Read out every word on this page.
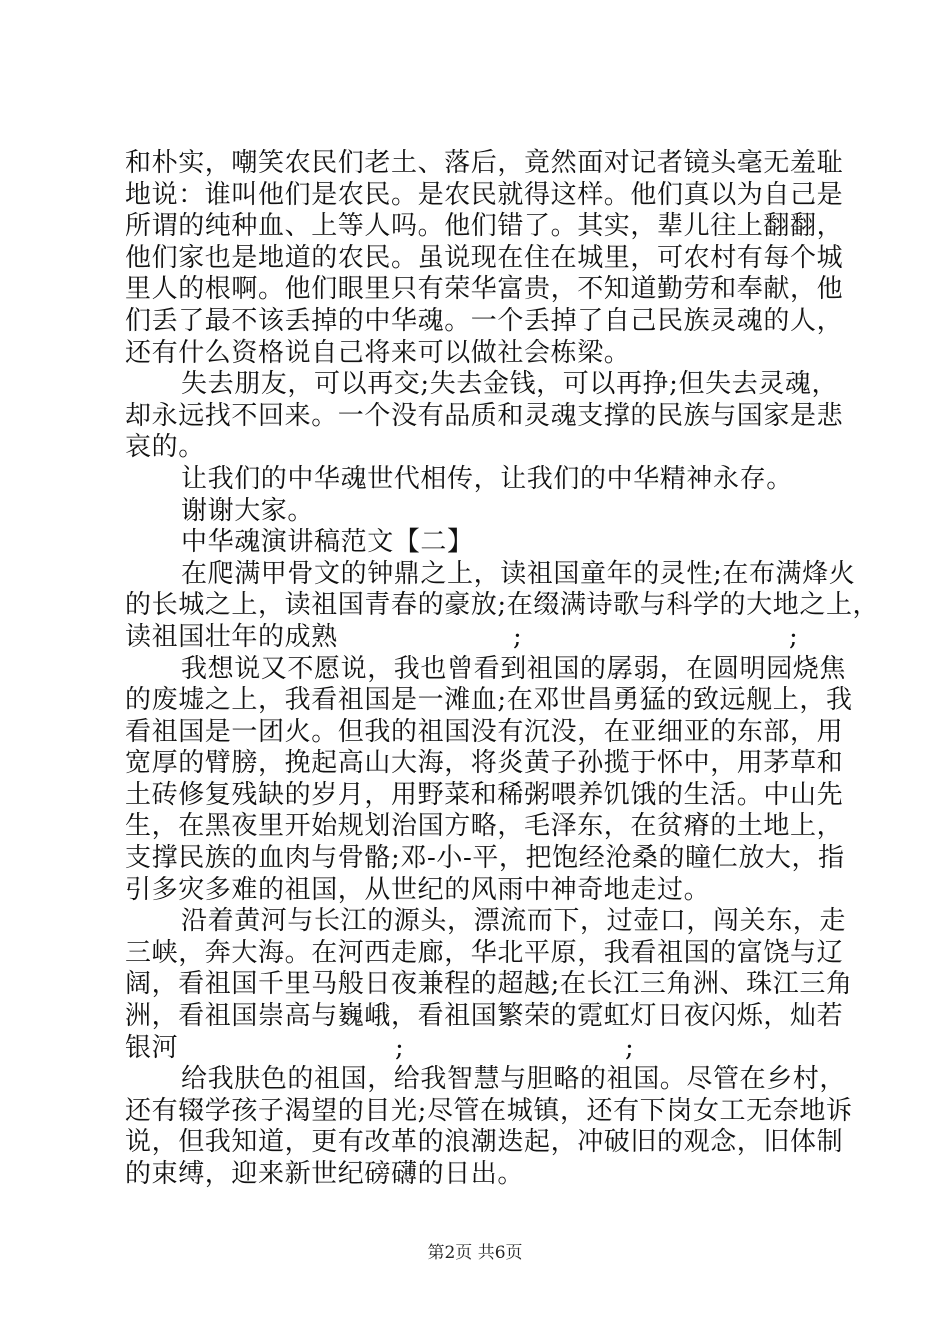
和朴实，嘲笑农民们老土、落后，竟然面对记者镜头毫无羞耻
地说：谁叫他们是农民。是农民就得这样。他们真以为自己是
所谓的纯种血、上等人吗。他们错了。其实，辈儿往上翻翻，
他们家也是地道的农民。虽说现在住在城里，可农村有每个城
里人的根啊。他们眼里只有荣华富贵，不知道勤劳和奉献，他
们丢了最不该丢掉的中华魂。一个丢掉了自己民族灵魂的人，
还有什么资格说自己将来可以做社会栋梁。
失去朋友，可以再交;失去金钱，可以再挣;但失去灵魂，
却永远找不回来。一个没有品质和灵魂支撑的民族与国家是悲
哀的。
让我们的中华魂世代相传，让我们的中华精神永存。
谢谢大家。
中华魂演讲稿范文【二】
在爬满甲骨文的钟鼎之上，读祖国童年的灵性;在布满烽火
的长城之上，读祖国青春的豪放;在缀满诗歌与科学的大地之上，
读祖国壮年的成熟	;	;
我想说又不愿说，我也曾看到祖国的孱弱，在圆明园烧焦
的废墟之上，我看祖国是一滩血;在邓世昌勇猛的致远舰上，我
看祖国是一团火。但我的祖国没有沉没，在亚细亚的东部，用
宽厚的臂膀，挽起高山大海，将炎黄子孙揽于怀中，用茅草和
土砖修复残缺的岁月，用野菜和稀粥喂养饥饿的生活。中山先
生，在黑夜里开始规划治国方略，毛泽东，在贫瘠的土地上，
支撑民族的血肉与骨骼;邓-小-平，把饱经沧桑的瞳仁放大，指
引多灾多难的祖国，从世纪的风雨中神奇地走过。
沿着黄河与长江的源头，漂流而下，过壶口，闯关东，走
三峡，奔大海。在河西走廊，华北平原，我看祖国的富饶与辽
阔，看祖国千里马般日夜兼程的超越;在长江三角洲、珠江三角
洲，看祖国崇高与巍峨，看祖国繁荣的霓虹灯日夜闪烁，灿若
银河	;	;
给我肤色的祖国，给我智慧与胆略的祖国。尽管在乡村，
还有辍学孩子渴望的目光;尽管在城镇，还有下岗女工无奈地诉
说，但我知道，更有改革的浪潮迭起，冲破旧的观念，旧体制
的束缚，迎来新世纪磅礴的日出。
第2页 共6页
